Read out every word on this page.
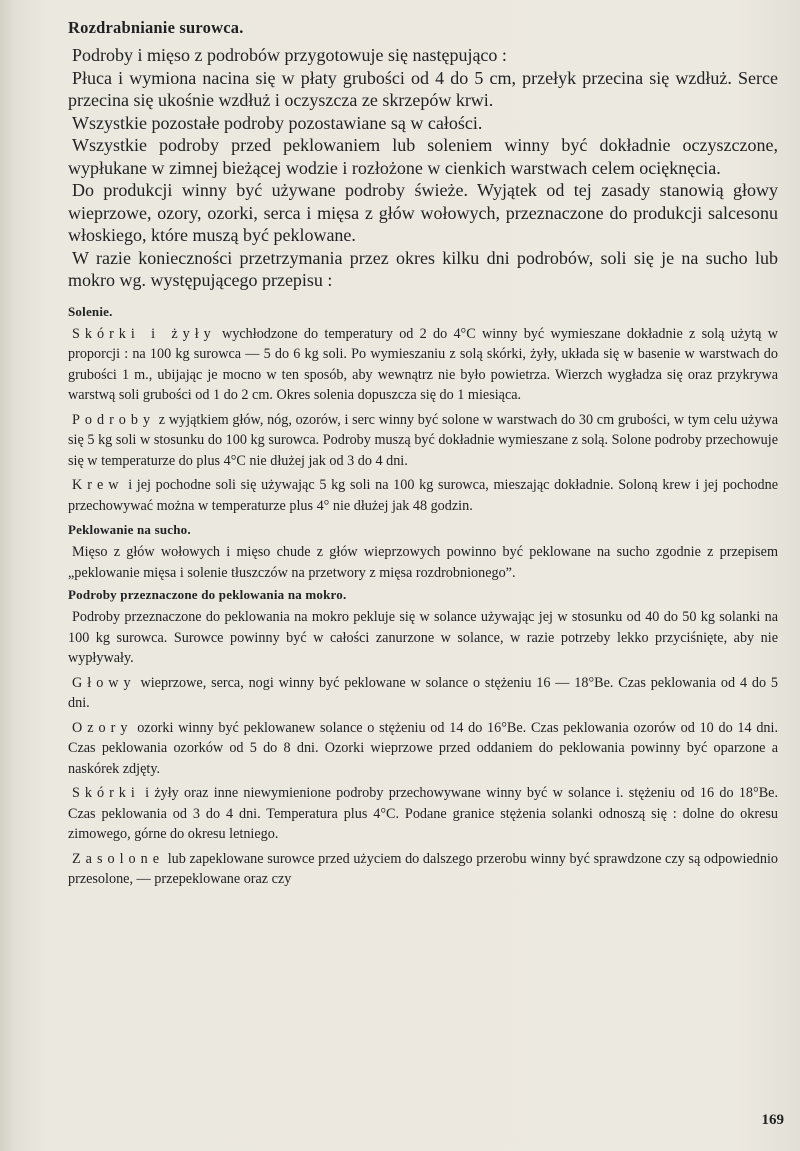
Rozdrabnianie surowca.

Podroby i mięso z podrobów przygotowuje się następująco :

Płuca i wymiona nacina się w płaty grubości od 4 do 5 cm, przełyk przecina się wzdłuż. Serce przecina się ukośnie wzdłuż i oczyszcza ze skrzepów krwi.

Wszystkie pozostałe podroby pozostawiane są w całości.

Wszystkie podroby przed peklowaniem lub soleniem winny być dokładnie oczyszczone, wypłukane w zimnej bieżącej wodzie i rozłożone w cienkich warstwach celem ocięknęcia.

Do produkcji winny być używane podroby świeże. Wyjątek od tej zasady stanowią głowy wieprzowe, ozory, ozorki, serca i mięsa z głów wołowych, przeznaczone do produkcji salcesonu włoskiego, które muszą być peklowane.

W razie konieczności przetrzymania przez okres kilku dni podrobów, soli się je na sucho lub mokro wg. występującego przepisu :

Solenie.

Skórki i żyły wychłodzone do temperatury od 2 do 4°C winny być wymieszane dokładnie z solą użytą w proporcji : na 100 kg surowca — 5 do 6 kg soli. Po wymieszaniu z solą skórki, żyły, układa się w basenie w warstwach do grubości 1 m., ubijając je mocno w ten sposób, aby wewnątrz nie było powietrza. Wierzch wygładza się oraz przykrywa warstwą soli grubości od 1 do 2 cm. Okres solenia dopuszcza się do 1 miesiąca.

Podroby z wyjątkiem głów, nóg, ozorów, i serc winny być solone w warstwach do 30 cm grubości, w tym celu używa się 5 kg soli w stosunku do 100 kg surowca. Podroby muszą być dokładnie wymieszane z solą. Solone podroby przechowuje się w temperaturze do plus 4°C nie dłużej jak od 3 do 4 dni.

Krew i jej pochodne soli się używając 5 kg soli na 100 kg surowca, mieszając dokładnie. Soloną krew i jej pochodne przechowywać można w temperaturze plus 4° nie dłużej jak 48 godzin.

Peklowanie na sucho.

Mięso z głów wołowych i mięso chude z głów wieprzowych powinno być peklowane na sucho zgodnie z przepisem „peklowanie mięsa i solenie tłuszczów na przetwory z mięsa rozdrobnionego”.

Podroby przeznaczone do peklowania na mokro.

Podroby przeznaczone do peklowania na mokro pekluje się w solance używając jej w stosunku od 40 do 50 kg solanki na 100 kg surowca. Surowce powinny być w całości zanurzone w solance, w razie potrzeby lekko przyciśnięte, aby nie wypływały.

Głowy wieprzowe, serca, nogi winny być peklowane w solance o stężeniu 16 — 18°Be. Czas peklowania od 4 do 5 dni.

Ozory ozorki winny być peklowanew solance o stężeniu od 14 do 16°Be. Czas peklowania ozorów od 10 do 14 dni. Czas peklowania ozorków od 5 do 8 dni. Ozorki wieprzowe przed oddaniem do peklowania powinny być oparzone a naskórek zdjęty.

Skórki i żyły oraz inne niewymienione podroby przechowywane winny być w solance i. stężeniu od 16 do 18°Be. Czas peklowania od 3 do 4 dni. Temperatura plus 4°C. Podane granice stężenia solanki odnoszą się : dolne do okresu zimowego, górne do okresu letniego.

Zasolone lub zapeklowane surowce przed użyciem do dalszego przerobu winny być sprawdzone czy są odpowiednio przesolone, — przepeklowane oraz czy

169
